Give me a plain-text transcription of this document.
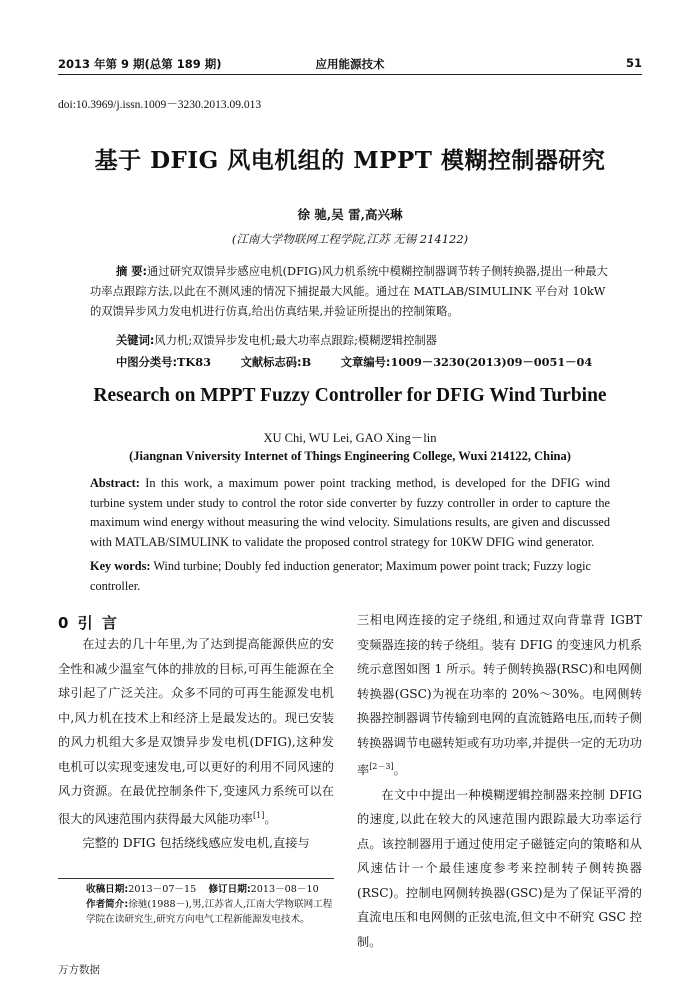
2013 年第 9 期(总第 189 期)	应用能源技术	51
doi:10.3969/j.issn.1009－3230.2013.09.013
基于 DFIG 风电机组的 MPPT 模糊控制器研究
徐 驰,吴 雷,高兴琳
(江南大学物联网工程学院,江苏 无锡 214122)
摘 要:通过研究双馈异步感应电机(DFIG)风力机系统中模糊控制器调节转子侧转换器,提出一种最大功率点跟踪方法,以此在不测风速的情况下捕捉最大风能。通过在 MATLAB/SIMULINK 平台对 10kW 的双馈异步风力发电机进行仿真,给出仿真结果,并验证所提出的控制策略。
关键词:风力机;双馈异步发电机;最大功率点跟踪;模糊逻辑控制器
中图分类号:TK83	文献标志码:B	文章编号:1009－3230(2013)09－0051－04
Research on MPPT Fuzzy Controller for DFIG Wind Turbine
XU Chi, WU Lei, GAO Xing－lin
(Jiangnan Vniversity Internet of Things Engineering College, Wuxi 214122, China)
Abstract: In this work, a maximum power point tracking method, is developed for the DFIG wind turbine system under study to control the rotor side converter by fuzzy controller in order to capture the maximum wind energy without measuring the wind velocity. Simulations results, are given and discussed with MATLAB/SIMULINK to validate the proposed control strategy for 10KW DFIG wind generator.
Key words: Wind turbine; Doubly fed induction generator; Maximum power point track; Fuzzy logic controller.
0 引 言

在过去的几十年里,为了达到提高能源供应的安全性和减少温室气体的排放的目标,可再生能源在全球引起了广泛关注。众多不同的可再生能源发电机中,风力机在技术上和经济上是最发达的。现已安装的风力机组大多是双馈异步发电机(DFIG),这种发电机可以实现变速发电,可以更好的利用不同风速的风力资源。在最优控制条件下,变速风力系统可以在很大的风速范围内获得最大风能功率[1]。

完整的 DFIG 包括绕线感应发电机,直接与

三相电网连接的定子绕组,和通过双向背靠背 IGBT 变频器连接的转子绕组。装有 DFIG 的变速风力机系统示意图如图 1 所示。转子侧转换器(RSC)和电网侧转换器(GSC)为视在功率的 20%～30%。电网侧转换器控制器调节传输到电网的直流链路电压,而转子侧转换器调节电磁转矩或有功功率,并提供一定的无功功率[2－3]。

在文中中提出一种模糊逻辑控制器来控制 DFIG 的速度,以此在较大的风速范围内跟踪最大功率运行点。该控制器用于通过使用定子磁链定向的策略和从风速估计一个最佳速度参考来控制转子侧转换器(RSC)。控制电网侧转换器(GSC)是为了保证平滑的直流电压和电网侧的正弦电流,但文中不研究 GSC 控制。

收稿日期:2013－07－15 修订日期:2013－08－10
作者简介:徐驰(1988－),男,江苏省人,江南大学物联网工程学院在读研究生,研究方向电气工程新能源发电技术。
万方数据
